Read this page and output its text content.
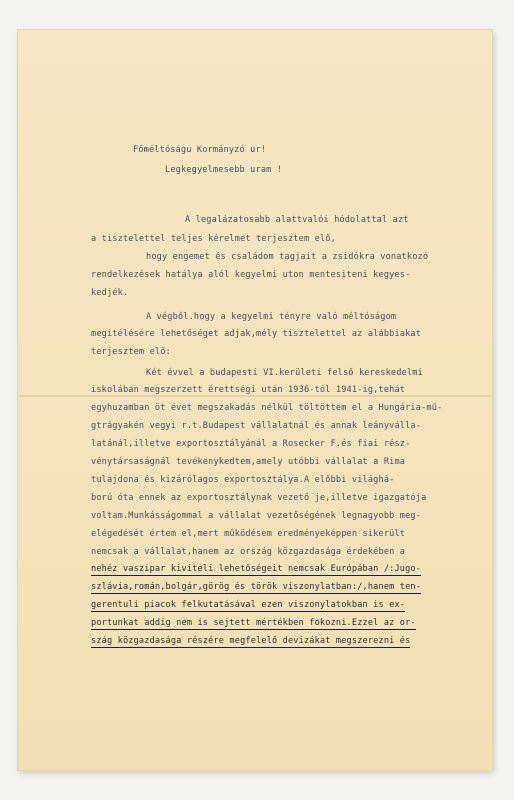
Főméltóságu Kormányzó ur!
Legkegyelmesebb uram !
A legalázatosabb alattvalói hódolattal azt
a tisztelettel teljes kérelmet terjesztem elő,
hogy engemet és családom tagjait a zsidókra vonatkozó
rendelkezések hatálya alól kegyelmi uton mentesiteni kegyes-
kedjék.
A végből.hogy a kegyelmi tényre való méltóságom
megitélésére lehetőséget adjak,mély tisztelettel az alábbiakat
terjesztem elő:
Két évvel a budapesti VI.kerületi felső kereskedelmi
iskolában megszerzett érettségi után 1936-tól 1941-ig,tehát
egyhuzamban öt évet megszakadás nélkül töltöttem el a Hungária-mű-
gtrágyakén vegyi r.t.Budapest vállalatnál és annak leányválla-
latánál,illetve exportosztályánál a Rosecker F.és fiai rész-
vénytársaságnál tevékenykedtem,amely utóbbi vállalat a Rima
tulajdona és kizárólagos exportosztálya.A előbbi világhá-
ború óta ennek az exportosztálynak vezető je,illetve igazgatója
voltam.Munkásságommal a vállalat vezetőségének legnagyobb meg-
elégedését értem el,mert működésem eredményeképpen sikerült
nemcsak a vállalat,hanem az ország közgazdasága érdekében a
nehéz vaszipar kiviteli lehetőségeit nemcsak Európában /:Jugo-
szlávia,román,bolgár,görög és török viszonylatban:/,hanem ten-
gerentuli piacok felkutatásával ezen viszonylatokban is ex-
portunkat addig nem is sejtett mértékben fokozni.Ezzel az or-
szág közgazdasága részére megfelelő devizákat megszerezni és
